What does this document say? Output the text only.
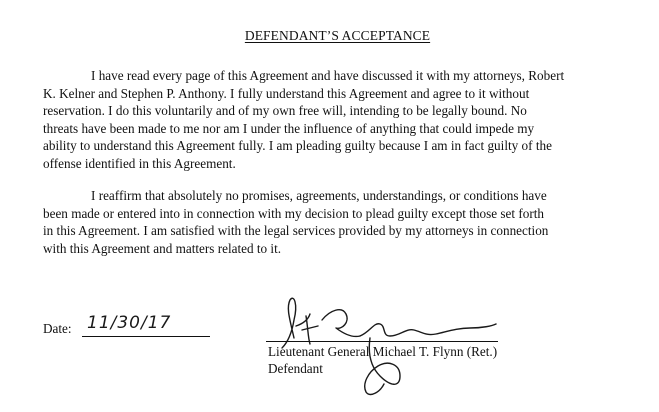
DEFENDANT’S ACCEPTANCE
I have read every page of this Agreement and have discussed it with my attorneys, Robert
K. Kelner and Stephen P. Anthony. I fully understand this Agreement and agree to it without
reservation. I do this voluntarily and of my own free will, intending to be legally bound. No
threats have been made to me nor am I under the influence of anything that could impede my
ability to understand this Agreement fully. I am pleading guilty because I am in fact guilty of the
offense identified in this Agreement.
I reaffirm that absolutely no promises, agreements, understandings, or conditions have
been made or entered into in connection with my decision to plead guilty except those set forth
in this Agreement. I am satisfied with the legal services provided by my attorneys in connection
with this Agreement and matters related to it.
Date: 11/30/17
Lieutenant General Michael T. Flynn (Ret.)
Defendant
